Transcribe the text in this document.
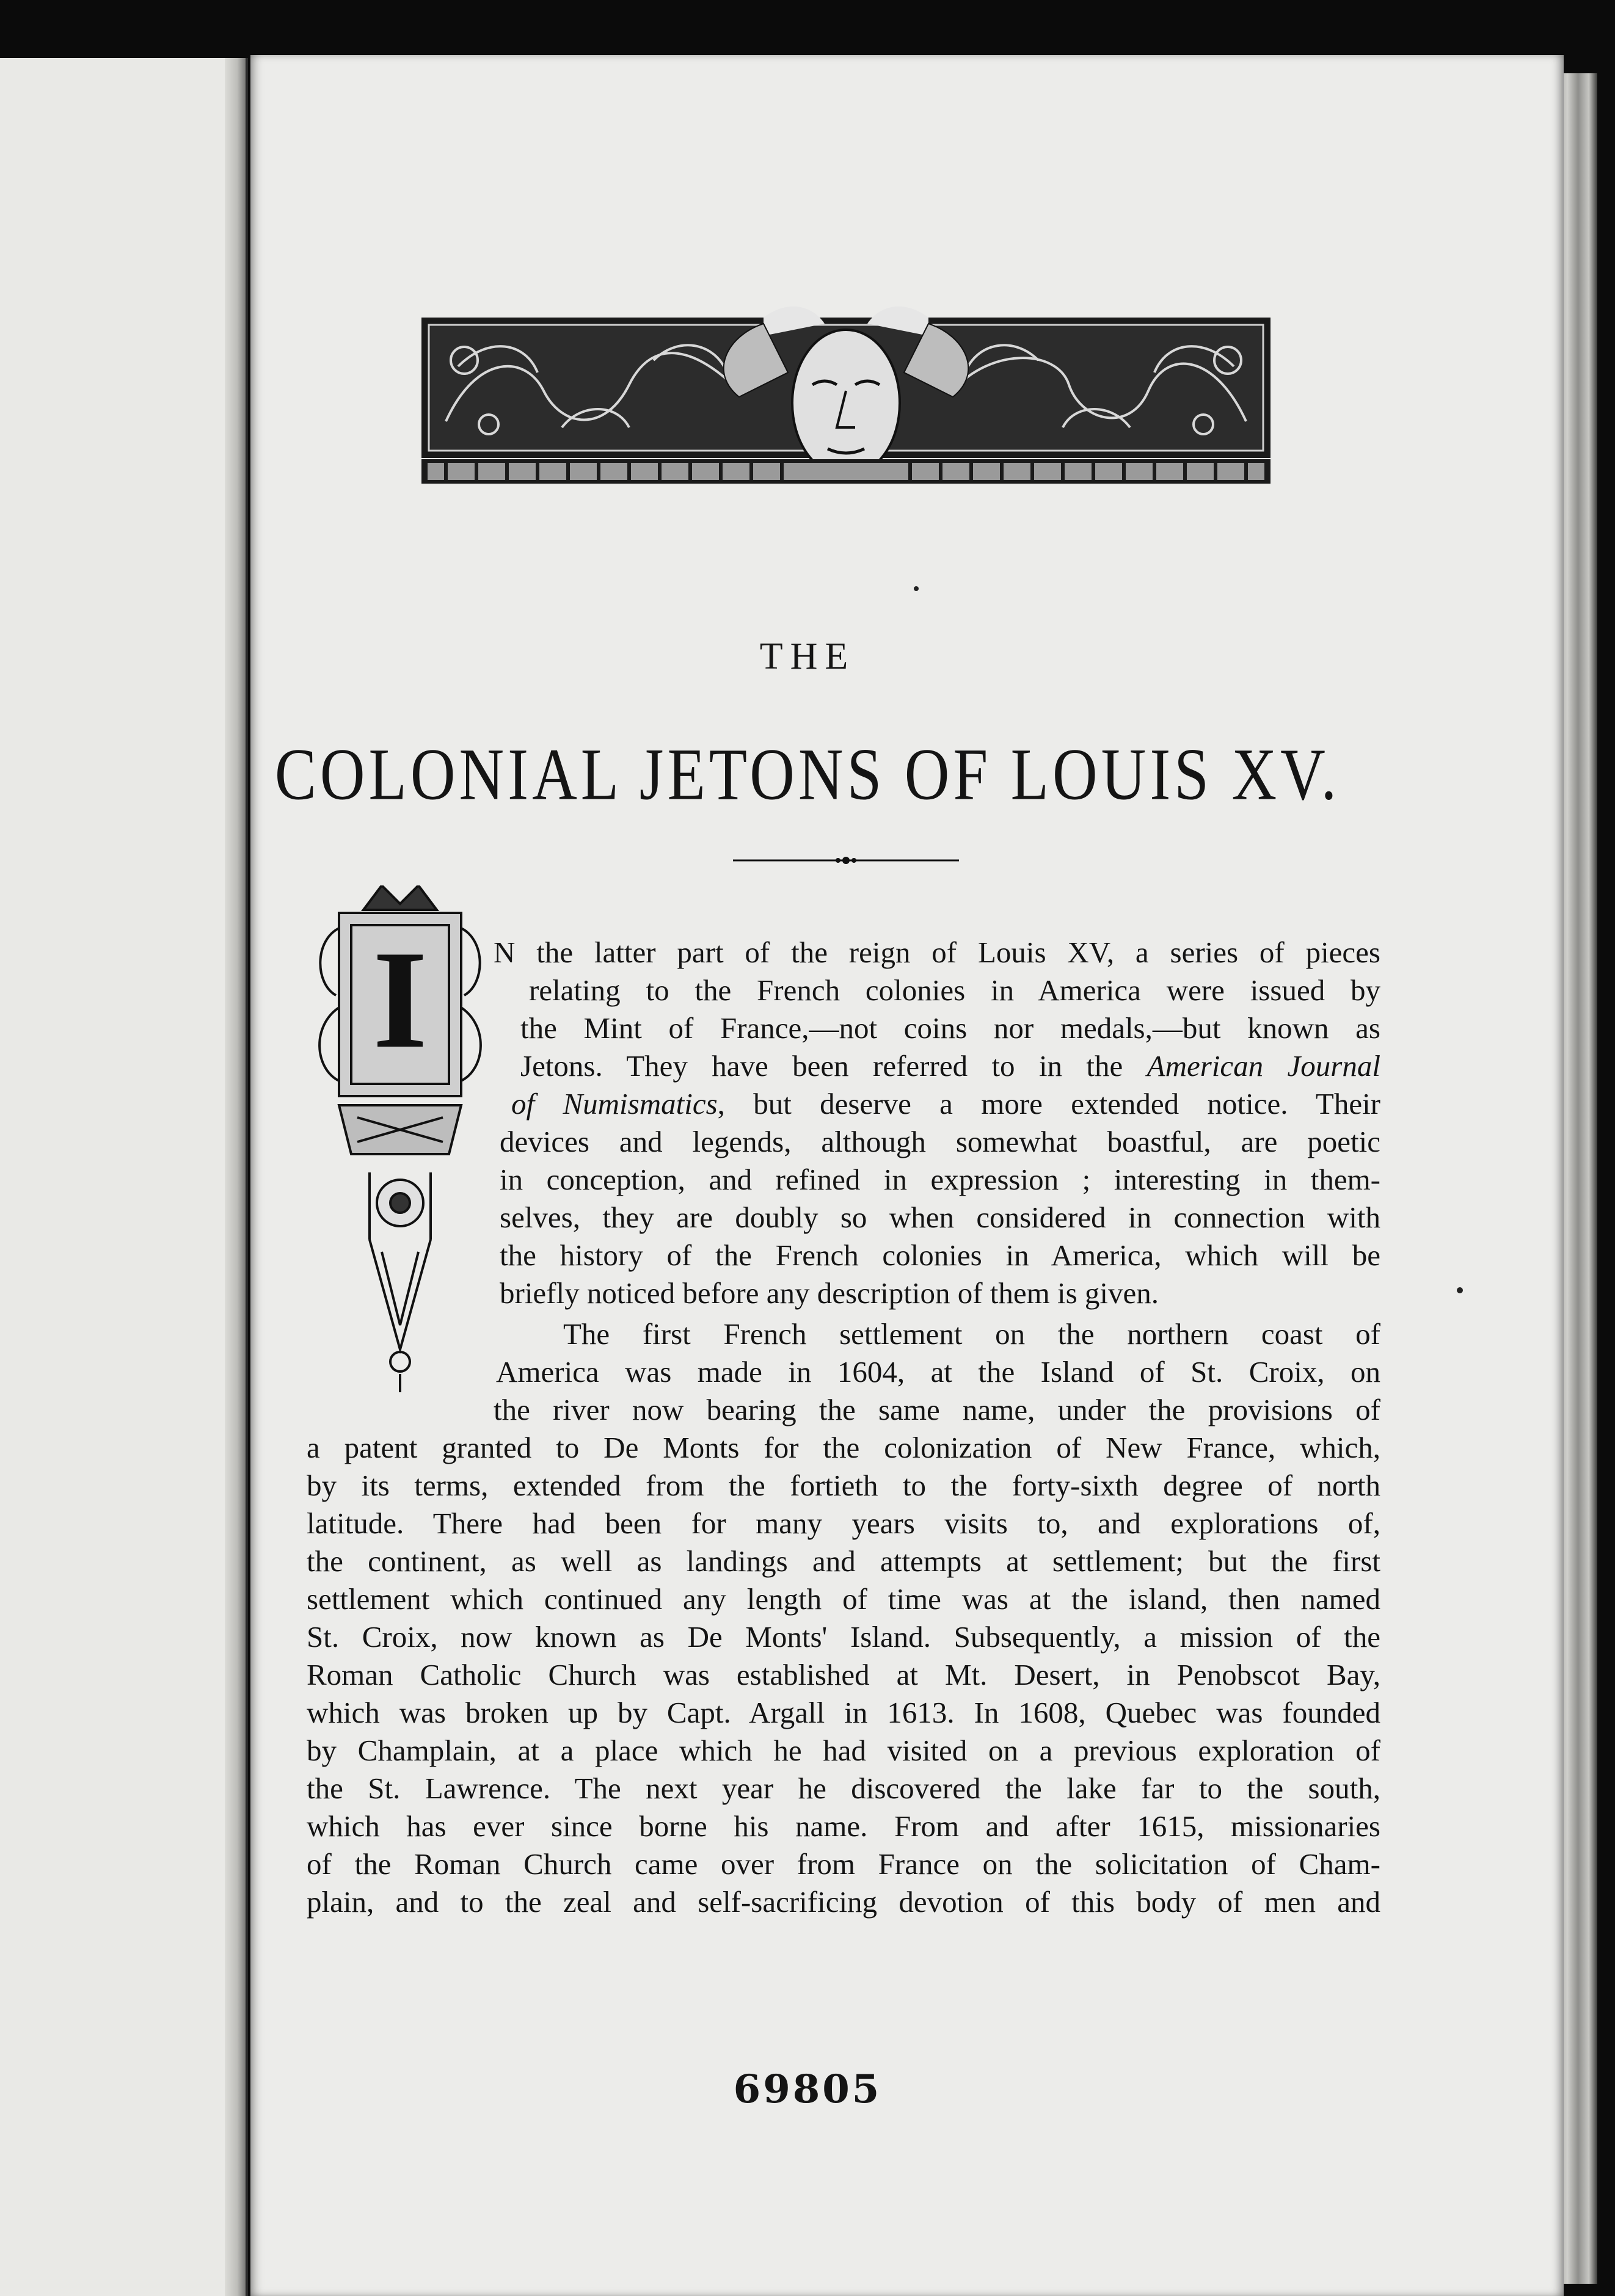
THE
COLONIAL JETONS OF LOUIS XV.
I	N the latter part of the reign of Louis XV, a series of pieces
relating to the French colonies in America were issued by
the Mint of France,—not coins nor medals,—but known as
Jetons. They have been referred to in the American Journal
of Numismatics, but deserve a more extended notice. Their
devices and legends, although somewhat boastful, are poetic
in conception, and refined in expression ; interesting in them-
selves, they are doubly so when considered in connection with
the history of the French colonies in America, which will be
briefly noticed before any description of them is given.
The first French settlement on the northern coast of
America was made in 1604, at the Island of St. Croix, on
the river now bearing the same name, under the provisions of
a patent granted to De Monts for the colonization of New France, which,
by its terms, extended from the fortieth to the forty-sixth degree of north
latitude. There had been for many years visits to, and explorations of,
the continent, as well as landings and attempts at settlement; but the first
settlement which continued any length of time was at the island, then named
St. Croix, now known as De Monts' Island. Subsequently, a mission of the
Roman Catholic Church was established at Mt. Desert, in Penobscot Bay,
which was broken up by Capt. Argall in 1613. In 1608, Quebec was founded
by Champlain, at a place which he had visited on a previous exploration of
the St. Lawrence. The next year he discovered the lake far to the south,
which has ever since borne his name. From and after 1615, missionaries
of the Roman Church came over from France on the solicitation of Cham-
plain, and to the zeal and self-sacrificing devotion of this body of men and
69805
